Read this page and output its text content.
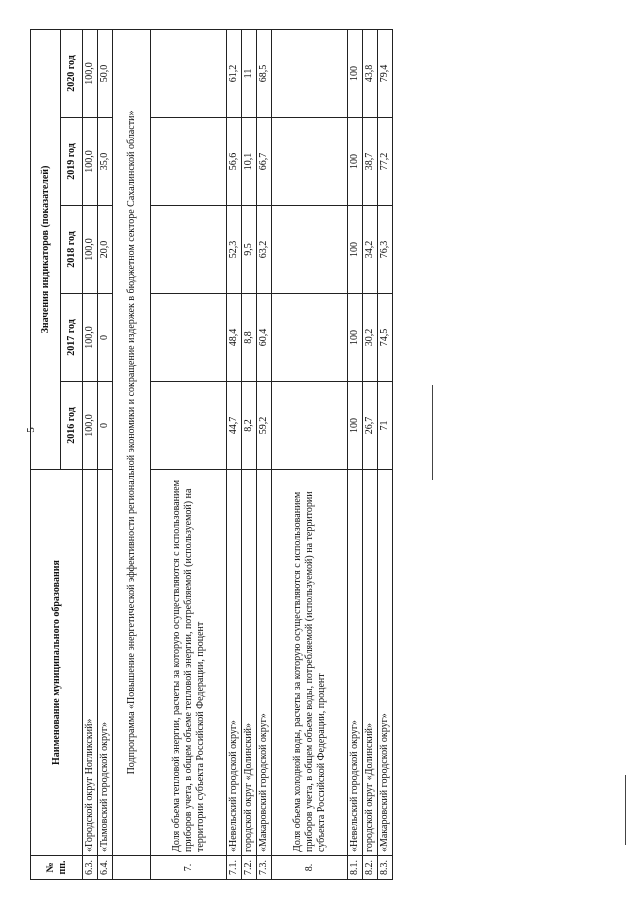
5
№ пп.	Наименование муниципального образования	Значения индикаторов (показателей)				
		2016 год	2017 год	2018 год	2019 год	2020 год
6.3.	«Городской округ Ногликский»	100,0	100,0	100,0	100,0	100,0
6.4.	«Тымовский городской округ»	0	0	20,0	35,0	50,0
	Подпрограмма «Повышение энергетической эффективности региональной экономики и сокращение издержек в бюджетном секторе Сахалинской области»					
7.	Доля объема тепловой энергии, расчеты за которую осуществляются с использованием приборов учета, в общем объеме тепловой энергии, потребляемой (используемой) на территории субъекта Российской Федерации, процент					
7.1.	«Невельский городской округ»	44,7	48,4	52,3	56,6	61,2
7.2.	городской округ «Долинский»	8,2	8,8	9,5	10,1	11
7.3.	«Макаровский городской округ»	59,2	60,4	63,2	66,7	68,5
8.	Доля объема холодной воды, расчеты за которую осуществляются с использованием приборов учета, в общем объеме воды, потребляемой (используемой) на территории субъекта Российской Федерации, процент					
8.1.	«Невельский городской округ»	100	100	100	100	100
8.2.	городской округ «Долинский»	26,7	30,2	34,2	38,7	43,8
8.3.	«Макаровский городской округ»	71	74,5	76,3	77,2	79,4
